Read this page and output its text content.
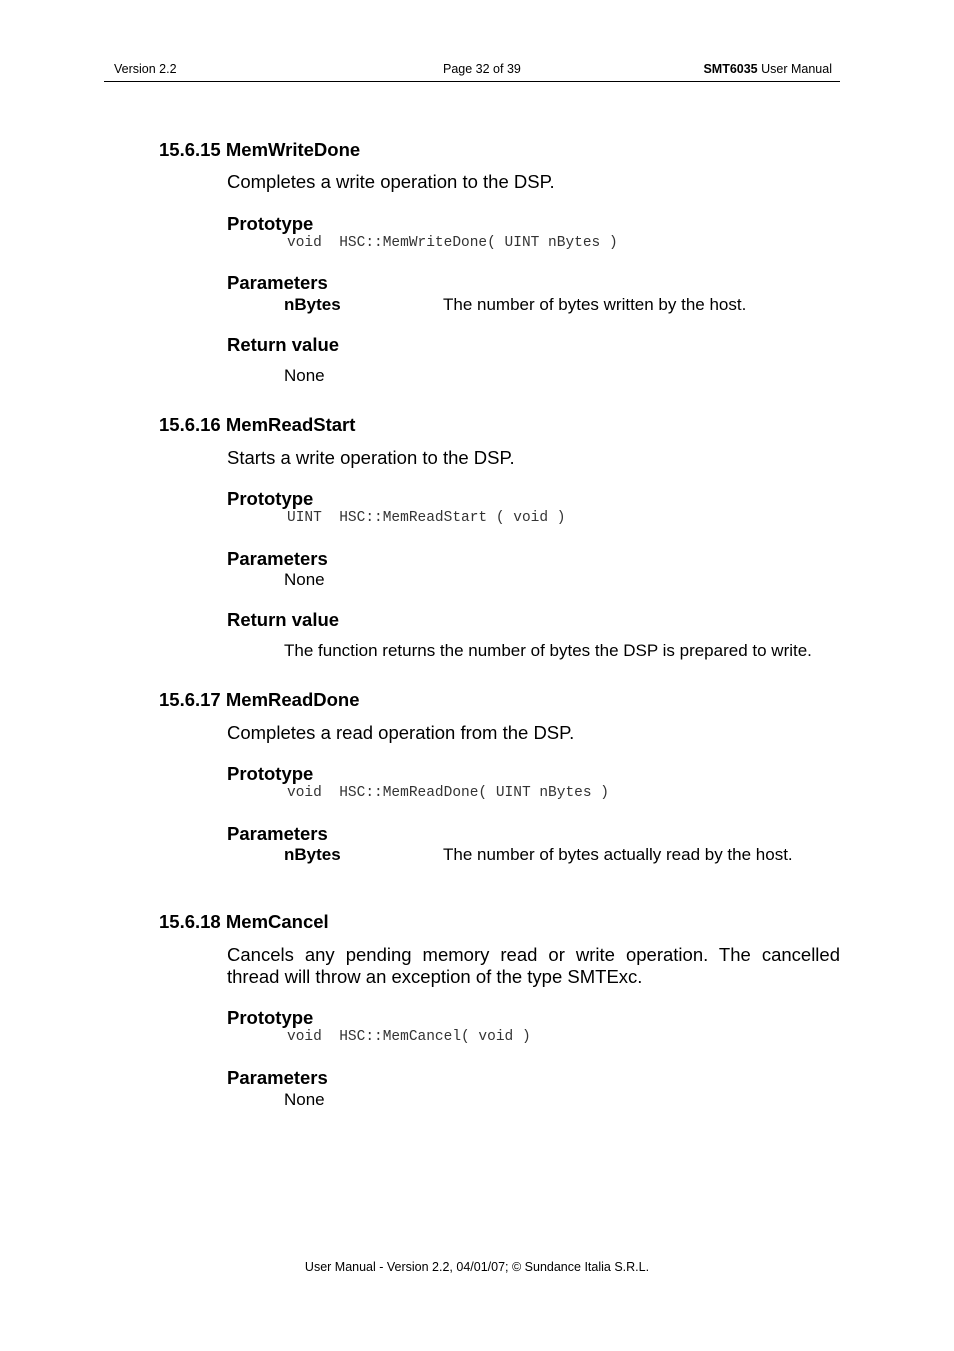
Version 2.2	Page 32 of 39	SMT6035 User Manual
15.6.15 MemWriteDone
Completes a write operation to the DSP.
Prototype
void  HSC::MemWriteDone( UINT nBytes )
Parameters
nBytes	The number of bytes written by the host.
Return value
None
15.6.16 MemReadStart
Starts a write operation to the DSP.
Prototype
UINT  HSC::MemReadStart ( void )
Parameters
None
Return value
The function returns the number of bytes the DSP is prepared to write.
15.6.17 MemReadDone
Completes a read operation from the DSP.
Prototype
void  HSC::MemReadDone( UINT nBytes )
Parameters
nBytes	The number of bytes actually read by the host.
15.6.18 MemCancel
Cancels any pending memory read or write operation. The cancelled thread will throw an exception of the type SMTExc.
Prototype
void  HSC::MemCancel( void )
Parameters
None
User Manual - Version 2.2, 04/01/07; © Sundance Italia S.R.L.
